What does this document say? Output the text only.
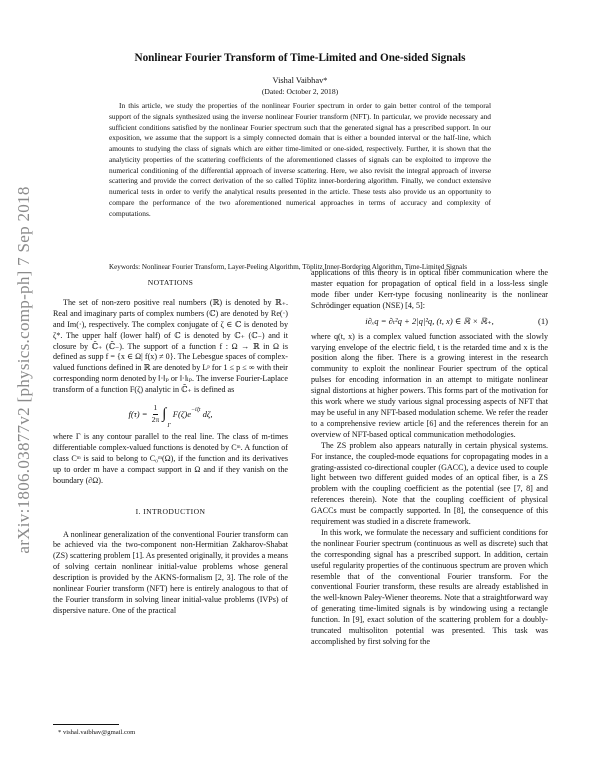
arXiv:1806.03877v2 [physics.comp-ph] 7 Sep 2018
Nonlinear Fourier Transform of Time-Limited and One-sided Signals
Vishal Vaibhav*
(Dated: October 2, 2018)

In this article, we study the properties of the nonlinear Fourier spectrum in order to gain better control of the temporal support of the signals synthesized using the inverse nonlinear Fourier transform (NFT). In particular, we provide necessary and sufficient conditions satisfied by the nonlinear Fourier spectrum such that the generated signal has a prescribed support. In our exposition, we assume that the support is a simply connected domain that is either a bounded interval or the half-line, which amounts to studying the class of signals which are either time-limited or one-sided, respectively. Further, it is shown that the analyticity properties of the scattering coefficients of the aforementioned classes of signals can be exploited to improve the numerical conditioning of the differential approach of inverse scattering. Here, we also revisit the integral approach of inverse scattering and provide the correct derivation of the so called Töplitz inner-bordering algorithm. Finally, we conduct extensive numerical tests in order to verify the analytical results presented in the article. These tests also provide us an opportunity to compare the performance of the two aforementioned numerical approaches in terms of accuracy and complexity of computations.

Keywords: Nonlinear Fourier Transform, Layer-Peeling Algorithm, Töplitz Inner-Bordering Algorithm, Time-Limited Signals

NOTATIONS

The set of non-zero positive real numbers (ℝ) is denoted by ℝ₊. Real and imaginary parts of complex numbers (ℂ) are denoted by Re(·) and Im(·), respectively. The complex conjugate of ζ ∈ ℂ is denoted by ζ*. The upper half (lower half) of ℂ is denoted by ℂ₊ (ℂ₋) and it closure by ℂ̄₊ (ℂ̄₋). The support of a function f : Ω → ℝ in Ω is defined as supp f = {x ∈ Ω| f(x) ≠ 0}. The Lebesgue spaces of complex-valued functions defined in ℝ are denoted by Lᵖ for 1 ≤ p ≤ ∞ with their corresponding norm denoted by ‖·‖ₚ or ‖·‖ₗₚ. The inverse Fourier-Laplace transform of a function F(ζ) analytic in ℂ̄₊ is defined as

$f(\tau) = \frac{1}{2\pi}$ ∫
Γ
$F(\zeta)e^{-i\zeta\tau}$ dζ,

where Γ is any contour parallel to the real line. The class of m-times differentiable complex-valued functions is denoted by Cᵐ. A function of class Cᵐ is said to belong to C₀ᵐ(Ω), if the function and its derivatives up to order m have a compact support in Ω and if they vanish on the boundary (∂Ω).

I. INTRODUCTION

A nonlinear generalization of the conventional Fourier transform can be achieved via the two-component non-Hermitian Zakharov-Shabat (ZS) scattering problem [1]. As presented originally, it provides a means of solving certain nonlinear initial-value problems whose general description is provided by the AKNS-formalism [2, 3]. The role of the nonlinear Fourier transform (NFT) here is entirely analogous to that of the Fourier transform in solving linear initial-value problems (IVPs) of dispersive nature. One of the practical

applications of this theory is in optical fiber communication where the master equation for propagation of optical field in a loss-less single mode fiber under Kerr-type focusing nonlinearity is the nonlinear Schrödinger equation (NSE) [4, 5]:

i∂ₓq = ∂ₜ²q + 2|q|²q, (t, x) ∈ ℝ × ℝ₊,	(1)

where q(t, x) is a complex valued function associated with the slowly varying envelope of the electric field, t is the retarded time and x is the position along the fiber. There is a growing interest in the research community to exploit the nonlinear Fourier spectrum of the optical pulses for encoding information in an attempt to mitigate nonlinear signal distortions at higher powers. This forms part of the motivation for this work where we study various signal processing aspects of NFT that may be useful in any NFT-based modulation scheme. We refer the reader to a comprehensive review article [6] and the references therein for an overview of NFT-based optical communication methodologies.

The ZS problem also appears naturally in certain physical systems. For instance, the coupled-mode equations for copropagating modes in a grating-assisted co-directional coupler (GACC), a device used to couple light between two different guided modes of an optical fiber, is a ZS problem with the coupling coefficient as the potential (see [7, 8] and references therein). Note that the coupling coefficient of physical GACCs must be compactly supported. In [8], the consequence of this requirement was studied in a discrete framework.

In this work, we formulate the necessary and sufficient conditions for the nonlinear Fourier spectrum (continuous as well as discrete) such that the corresponding signal has a prescribed support. In addition, certain useful regularity properties of the continuous spectrum are proven which resemble that of the conventional Fourier transform. For the conventional Fourier transform, these results are already established in the well-known Paley-Wiener theorems. Note that a straightforward way of generating time-limited signals is by windowing using a rectangle function. In [9], exact solution of the scattering problem for a doubly-truncated multisoliton potential was presented. This task was accomplished by first solving for the

* vishal.vaibhav@gmail.com
